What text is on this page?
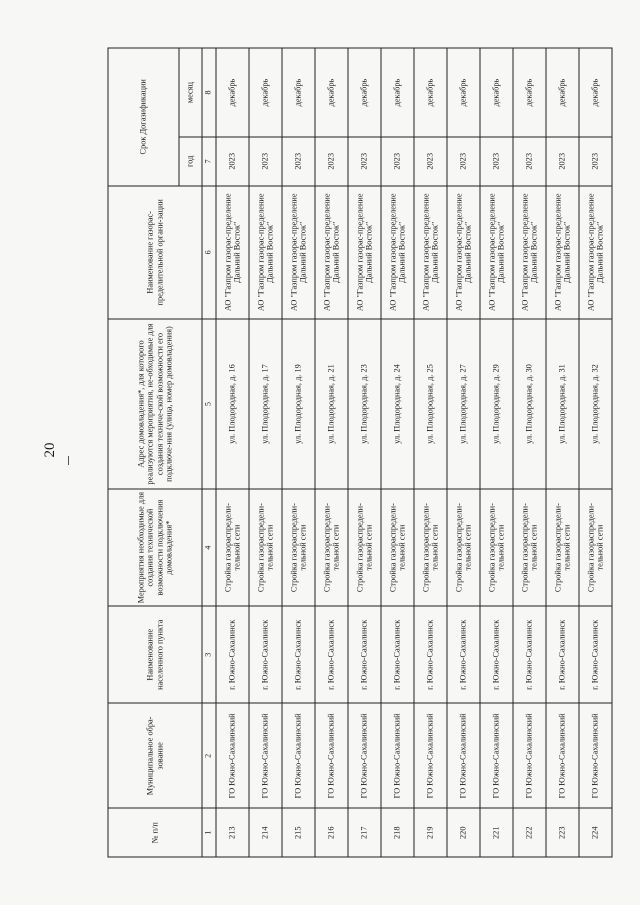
20
№ п/п	Муниципальное обра-зование	Наименование населенного пункта	Мероприятия необходимые для создания технической возможности подключения домовладения*	Адрес домовладения*, для которого реализуются мероприятия, не-обходимые для создания техниче-ской возможности его подключе-ния (улица, номер домовладения)	Наименование газорас-пределительной органи-зации	Срок Догазификации	
						год	месяц
1	2	3	4	5	6	7	8
213	ГО Южно-Сахалинский	г. Южно-Сахалинск	Стройка газораспредели-тельной сети	ул. Плодородная, д. 16	АО "Газпром газорас-пределение Дальний Восток"	2023	декабрь
214	ГО Южно-Сахалинский	г. Южно-Сахалинск	Стройка газораспредели-тельной сети	ул. Плодородная, д. 17	АО "Газпром газорас-пределение Дальний Восток"	2023	декабрь
215	ГО Южно-Сахалинский	г. Южно-Сахалинск	Стройка газораспредели-тельной сети	ул. Плодородная, д. 19	АО "Газпром газорас-пределение Дальний Восток"	2023	декабрь
216	ГО Южно-Сахалинский	г. Южно-Сахалинск	Стройка газораспредели-тельной сети	ул. Плодородная, д. 21	АО "Газпром газорас-пределение Дальний Восток"	2023	декабрь
217	ГО Южно-Сахалинский	г. Южно-Сахалинск	Стройка газораспредели-тельной сети	ул. Плодородная, д. 23	АО "Газпром газорас-пределение Дальний Восток"	2023	декабрь
218	ГО Южно-Сахалинский	г. Южно-Сахалинск	Стройка газораспредели-тельной сети	ул. Плодородная, д. 24	АО "Газпром газорас-пределение Дальний Восток"	2023	декабрь
219	ГО Южно-Сахалинский	г. Южно-Сахалинск	Стройка газораспредели-тельной сети	ул. Плодородная, д. 25	АО "Газпром газорас-пределение Дальний Восток"	2023	декабрь
220	ГО Южно-Сахалинский	г. Южно-Сахалинск	Стройка газораспредели-тельной сети	ул. Плодородная, д. 27	АО "Газпром газорас-пределение Дальний Восток"	2023	декабрь
221	ГО Южно-Сахалинский	г. Южно-Сахалинск	Стройка газораспредели-тельной сети	ул. Плодородная, д. 29	АО "Газпром газорас-пределение Дальний Восток"	2023	декабрь
222	ГО Южно-Сахалинский	г. Южно-Сахалинск	Стройка газораспредели-тельной сети	ул. Плодородная, д. 30	АО "Газпром газорас-пределение Дальний Восток"	2023	декабрь
223	ГО Южно-Сахалинский	г. Южно-Сахалинск	Стройка газораспредели-тельной сети	ул. Плодородная, д. 31	АО "Газпром газорас-пределение Дальний Восток"	2023	декабрь
224	ГО Южно-Сахалинский	г. Южно-Сахалинск	Стройка газораспредели-тельной сети	ул. Плодородная, д. 32	АО "Газпром газорас-пределение Дальний Восток"	2023	декабрь
